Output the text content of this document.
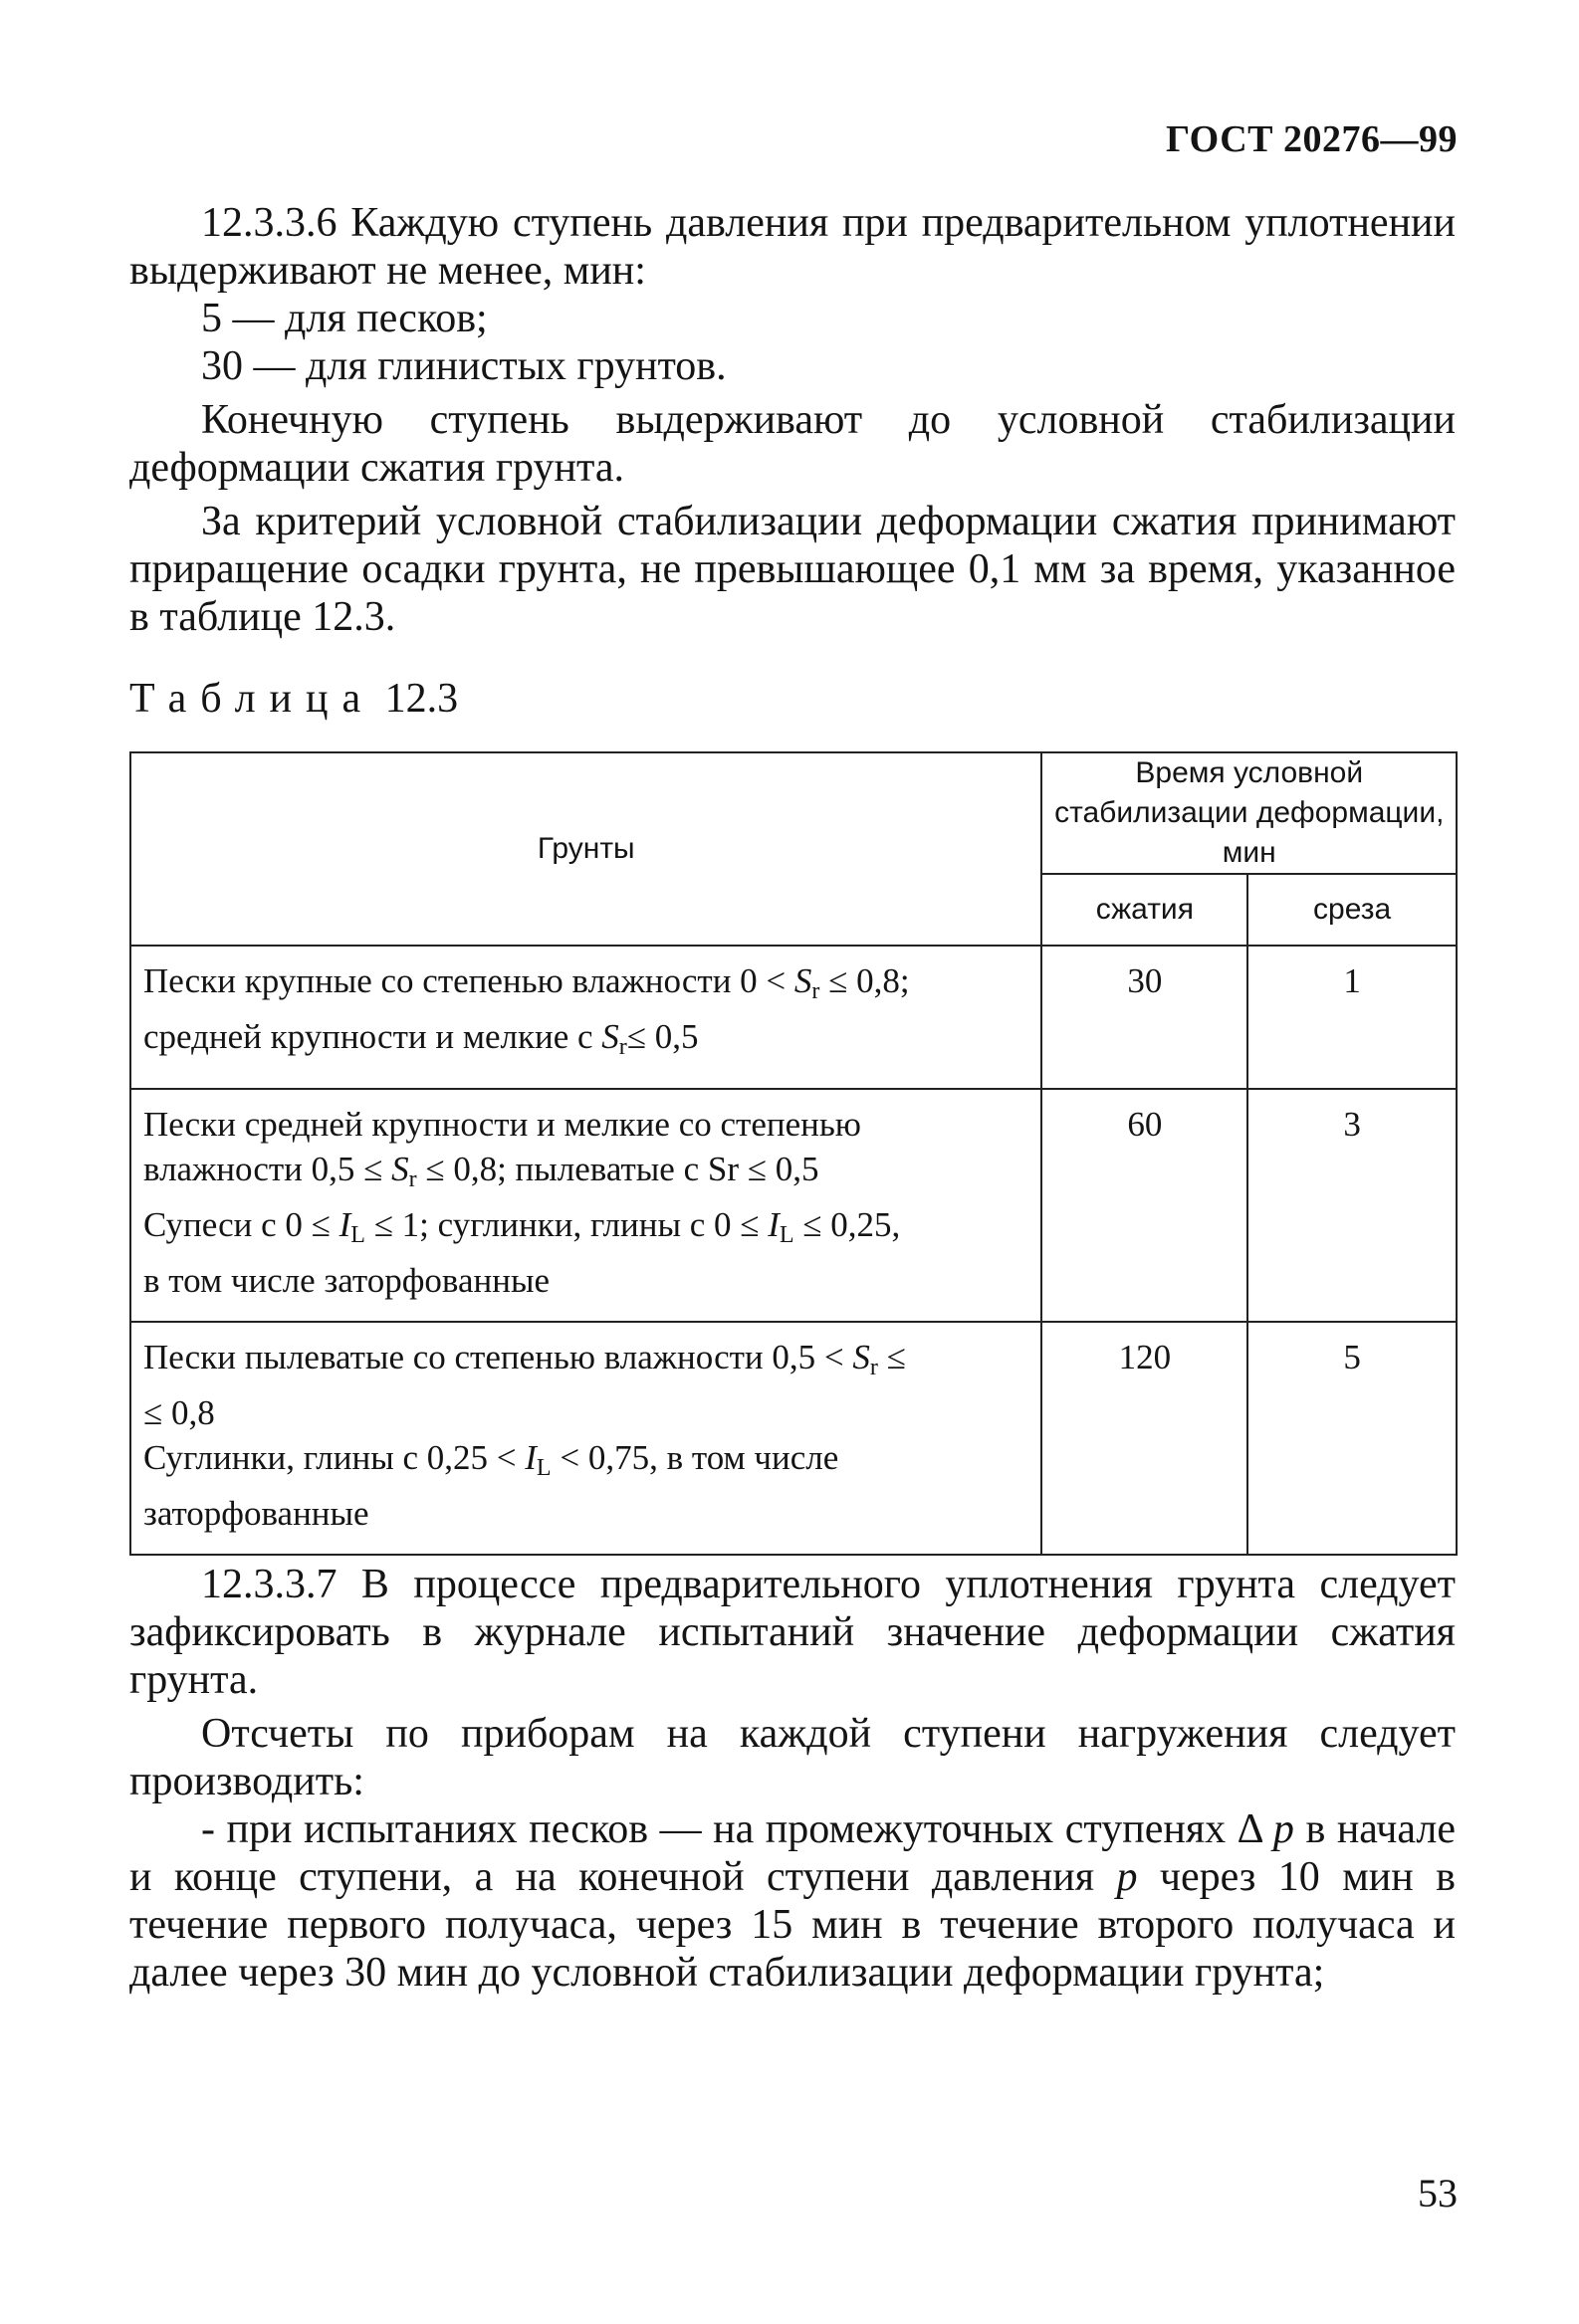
ГОСТ 20276—99

12.3.3.6 Каждую ступень давления при предварительном уплотнении выдерживают не менее, мин:

5 — для песков;

30 — для глинистых грунтов.

Конечную ступень выдерживают до условной стабилизации деформации сжатия грунта.

За критерий условной стабилизации деформации сжатия принимают приращение осадки грунта, не превышающее 0,1 мм за время, указанное в таблице 12.3.

Таблица 12.3
Грунты	Время условной стабилизации деформации, мин	
	сжатия	среза

Пески крупные со степенью влажности $0 < S_r \le 0,8$;
средней крупности и мелкие с $S_r\le 0,5$	30	1

Пески средней крупности и мелкие со степенью
влажности $0,5 \le S_r \le 0,8$; пылеватые с Sr ≤ 0,5
Супеси с $0 \le I_L \le 1$; суглинки, глины с $0 \le I_L \le 0,25$,
в том числе заторфованные	60	3

Пески пылеватые со степенью влажности $0,5 < S_r$ ≤
≤ 0,8
Суглинки, глины с $0,25 < I_L < 0,75$, в том числе
заторфованные	120	5

12.3.3.7 В процессе предварительного уплотнения грунта следует зафиксировать в журнале испытаний значение деформации сжатия грунта.

Отсчеты по приборам на каждой ступени нагружения следует производить:

- при испытаниях песков — на промежуточных ступенях Δ p в начале и конце ступени, а на конечной ступени давления p через 10 мин в течение первого получаса, через 15 мин в течение второго получаса и далее через 30 мин до условной стабилизации деформации грунта;

53
